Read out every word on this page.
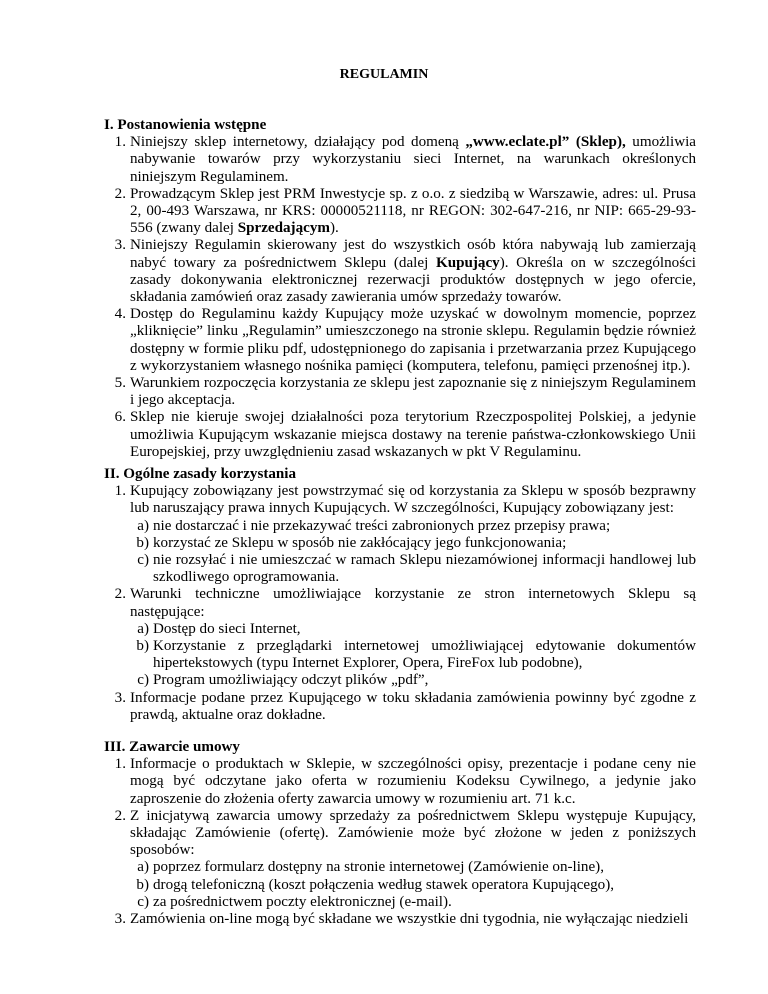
REGULAMIN

I. Postanowienia wstępne

1. Niniejszy sklep internetowy, działający pod domeną „www.eclate.pl” (Sklep), umożliwia nabywanie towarów przy wykorzystaniu sieci Internet, na warunkach określonych niniejszym Regulaminem.
2. Prowadzącym Sklep jest PRM Inwestycje sp. z o.o. z siedzibą w Warszawie, adres: ul. Prusa 2, 00-493 Warszawa, nr KRS: 00000521118, nr REGON: 302-647-216, nr NIP: 665-29-93-556 (zwany dalej Sprzedającym).
3. Niniejszy Regulamin skierowany jest do wszystkich osób która nabywają lub zamierzają nabyć towary za pośrednictwem Sklepu (dalej Kupujący). Określa on w szczególności zasady dokonywania elektronicznej rezerwacji produktów dostępnych w jego ofercie, składania zamówień oraz zasady zawierania umów sprzedaży towarów.
4. Dostęp do Regulaminu każdy Kupujący może uzyskać w dowolnym momencie, poprzez „kliknięcie” linku „Regulamin” umieszczonego na stronie sklepu. Regulamin będzie również dostępny w formie pliku pdf, udostępnionego do zapisania i przetwarzania przez Kupującego z wykorzystaniem własnego nośnika pamięci (komputera, telefonu, pamięci przenośnej itp.).
5. Warunkiem rozpoczęcia korzystania ze sklepu jest zapoznanie się z niniejszym Regulaminem i jego akceptacja.
6. Sklep nie kieruje swojej działalności poza terytorium Rzeczpospolitej Polskiej, a jedynie umożliwia Kupującym wskazanie miejsca dostawy na terenie państwa-członkowskiego Unii Europejskiej, przy uwzględnieniu zasad wskazanych w pkt V Regulaminu.

II. Ogólne zasady korzystania

1. Kupujący zobowiązany jest powstrzymać się od korzystania za Sklepu w sposób bezprawny lub naruszający prawa innych Kupujących. W szczególności, Kupujący zobowiązany jest:
a) nie dostarczać i nie przekazywać treści zabronionych przez przepisy prawa;
b) korzystać ze Sklepu w sposób nie zakłócający jego funkcjonowania;
c) nie rozsyłać i nie umieszczać w ramach Sklepu niezamówionej informacji handlowej lub szkodliwego oprogramowania.
2. Warunki techniczne umożliwiające korzystanie ze stron internetowych Sklepu są następujące:
a) Dostęp do sieci Internet,
b) Korzystanie z przeglądarki internetowej umożliwiającej edytowanie dokumentów hipertekstowych (typu Internet Explorer, Opera, FireFox lub podobne),
c) Program umożliwiający odczyt plików „pdf”,
3. Informacje podane przez Kupującego w toku składania zamówienia powinny być zgodne z prawdą, aktualne oraz dokładne.

III. Zawarcie umowy

1. Informacje o produktach w Sklepie, w szczególności opisy, prezentacje i podane ceny nie mogą być odczytane jako oferta w rozumieniu Kodeksu Cywilnego, a jedynie jako zaproszenie do złożenia oferty zawarcia umowy w rozumieniu art. 71 k.c.
2. Z inicjatywą zawarcia umowy sprzedaży za pośrednictwem Sklepu występuje Kupujący, składając Zamówienie (ofertę). Zamówienie może być złożone w jeden z poniższych sposobów:
a) poprzez formularz dostępny na stronie internetowej (Zamówienie on-line),
b) drogą telefoniczną (koszt połączenia według stawek operatora Kupującego),
c) za pośrednictwem poczty elektronicznej (e-mail).
3. Zamówienia on-line mogą być składane we wszystkie dni tygodnia, nie wyłączając niedzieli
